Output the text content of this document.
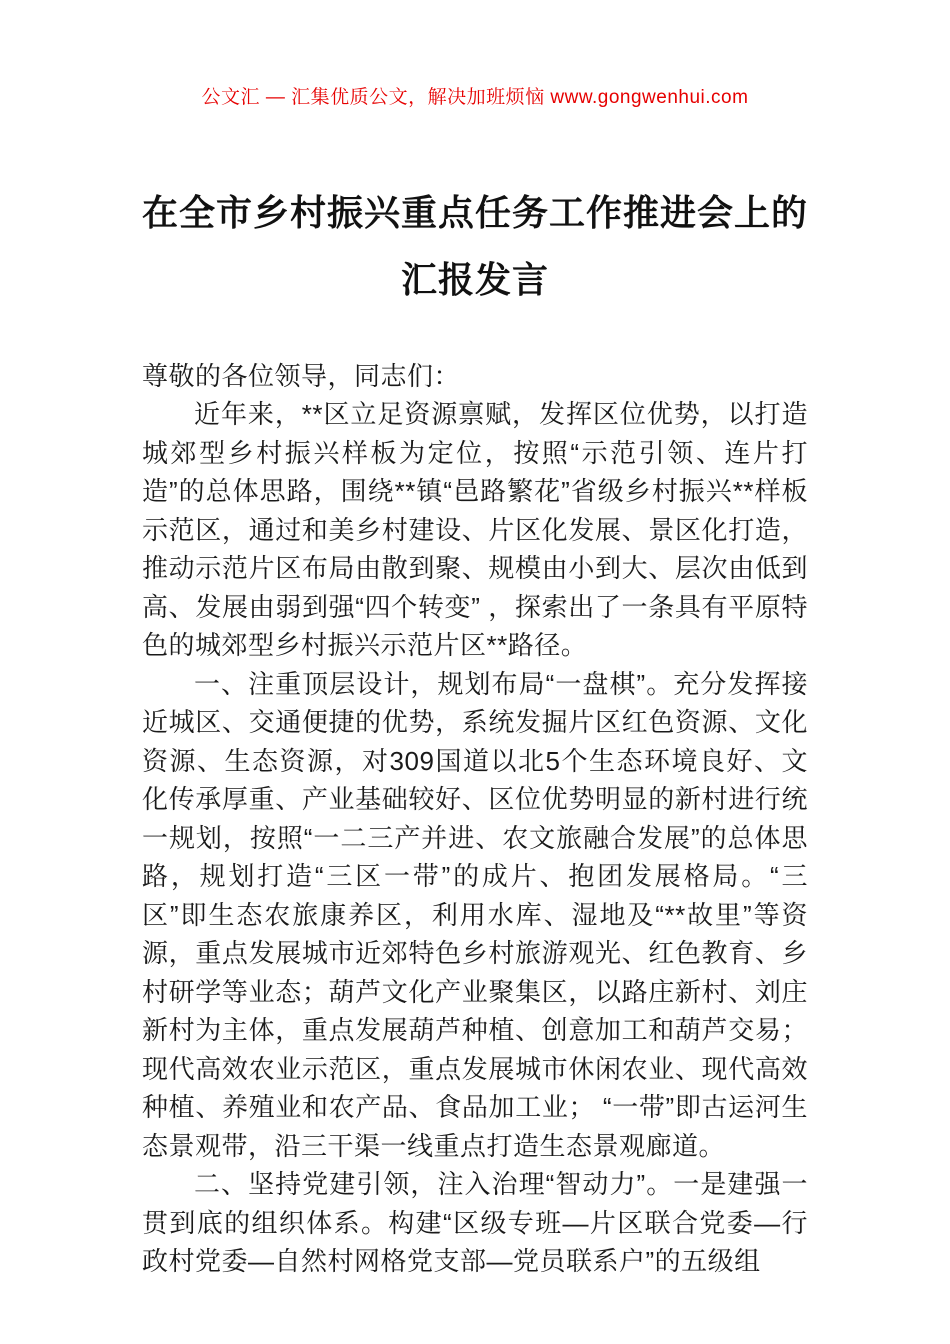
公文汇 — 汇集优质公文，解决加班烦恼 www.gongwenhui.com
在全市乡村振兴重点任务工作推进会上的
汇报发言

尊敬的各位领导，同志们：

近年来，**区立足资源禀赋，发挥区位优势，以打造城郊型乡村振兴样板为定位，按照“示范引领、连片打造”的总体思路，围绕**镇“邑路繁花”省级乡村振兴**样板示范区，通过和美乡村建设、片区化发展、景区化打造，推动示范片区布局由散到聚、规模由小到大、层次由低到高、发展由弱到强“四个转变” ，探索出了一条具有平原特色的城郊型乡村振兴示范片区**路径。

一、注重顶层设计，规划布局“一盘棋”。充分发挥接近城区、交通便捷的优势，系统发掘片区红色资源、文化资源、生态资源，对309国道以北5个生态环境良好、文化传承厚重、产业基础较好、区位优势明显的新村进行统一规划，按照“一二三产并进、农文旅融合发展”的总体思路，规划打造“三区一带”的成片、抱团发展格局。“三区”即生态农旅康养区，利用水库、湿地及“**故里”等资源，重点发展城市近郊特色乡村旅游观光、红色教育、乡村研学等业态；葫芦文化产业聚集区，以路庄新村、刘庄新村为主体，重点发展葫芦种植、创意加工和葫芦交易；现代高效农业示范区，重点发展城市休闲农业、现代高效种植、养殖业和农产品、食品加工业； “一带”即古运河生态景观带，沿三干渠一线重点打造生态景观廊道。

二、坚持党建引领，注入治理“智动力”。一是建强一贯到底的组织体系。构建“区级专班—片区联合党委—行政村党委—自然村网格党支部—党员联系户”的五级组
